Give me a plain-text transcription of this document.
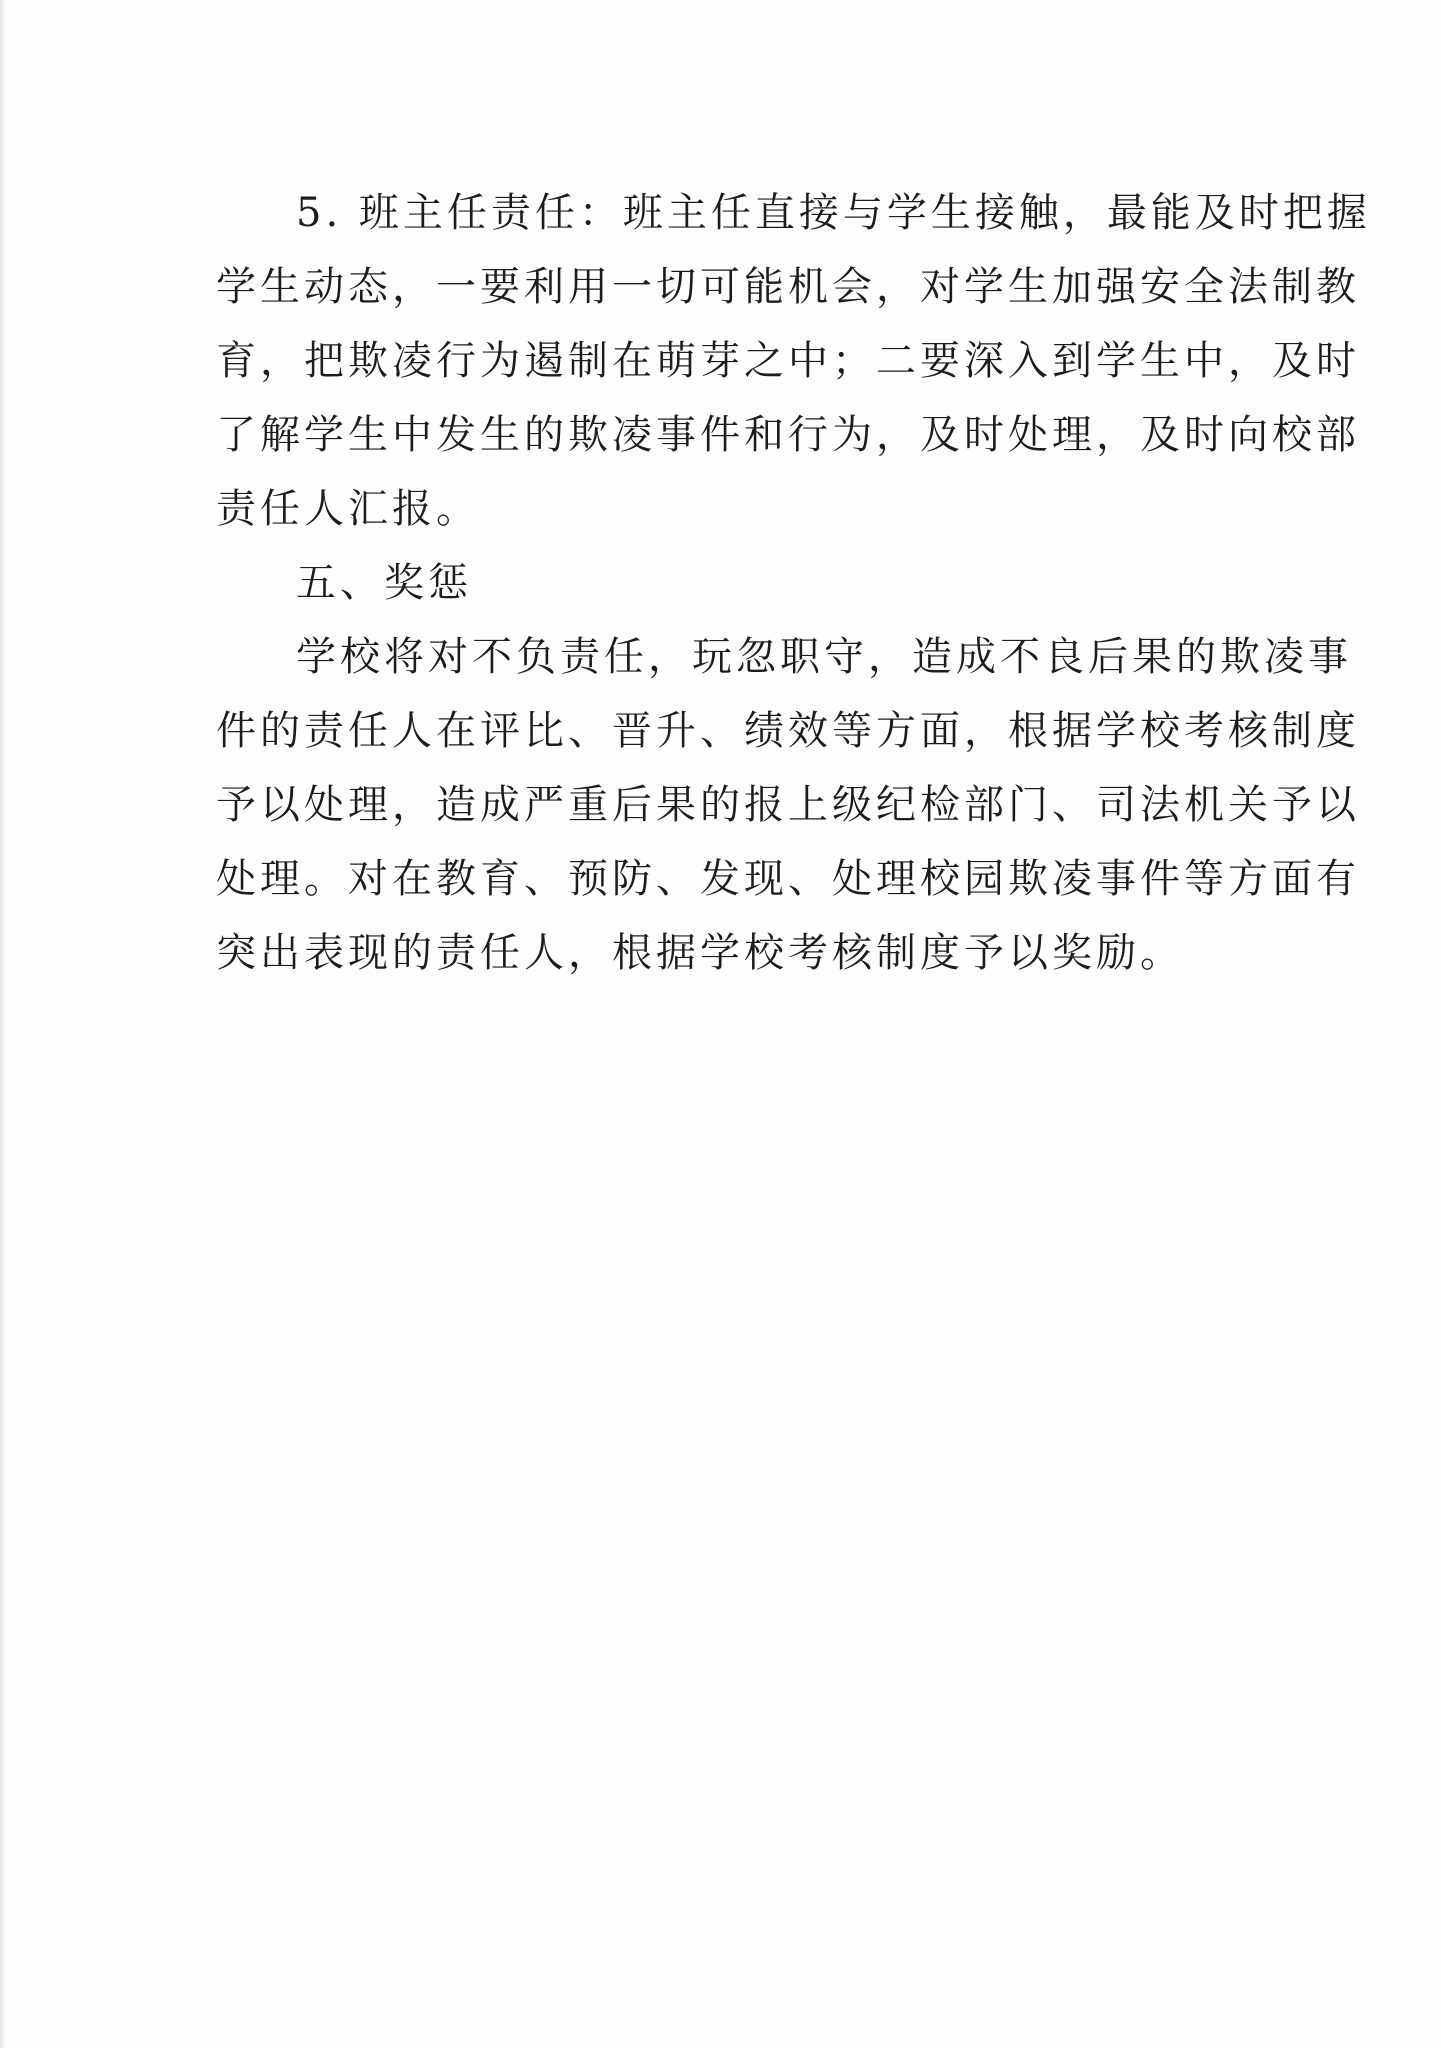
5. 班主任责任：班主任直接与学生接触，最能及时把握
学生动态，一要利用一切可能机会，对学生加强安全法制教
育，把欺凌行为遏制在萌芽之中；二要深入到学生中，及时
了解学生中发生的欺凌事件和行为，及时处理，及时向校部
责任人汇报。
五、奖惩
学校将对不负责任，玩忽职守，造成不良后果的欺凌事
件的责任人在评比、晋升、绩效等方面，根据学校考核制度
予以处理，造成严重后果的报上级纪检部门、司法机关予以
处理。对在教育、预防、发现、处理校园欺凌事件等方面有
突出表现的责任人，根据学校考核制度予以奖励。
